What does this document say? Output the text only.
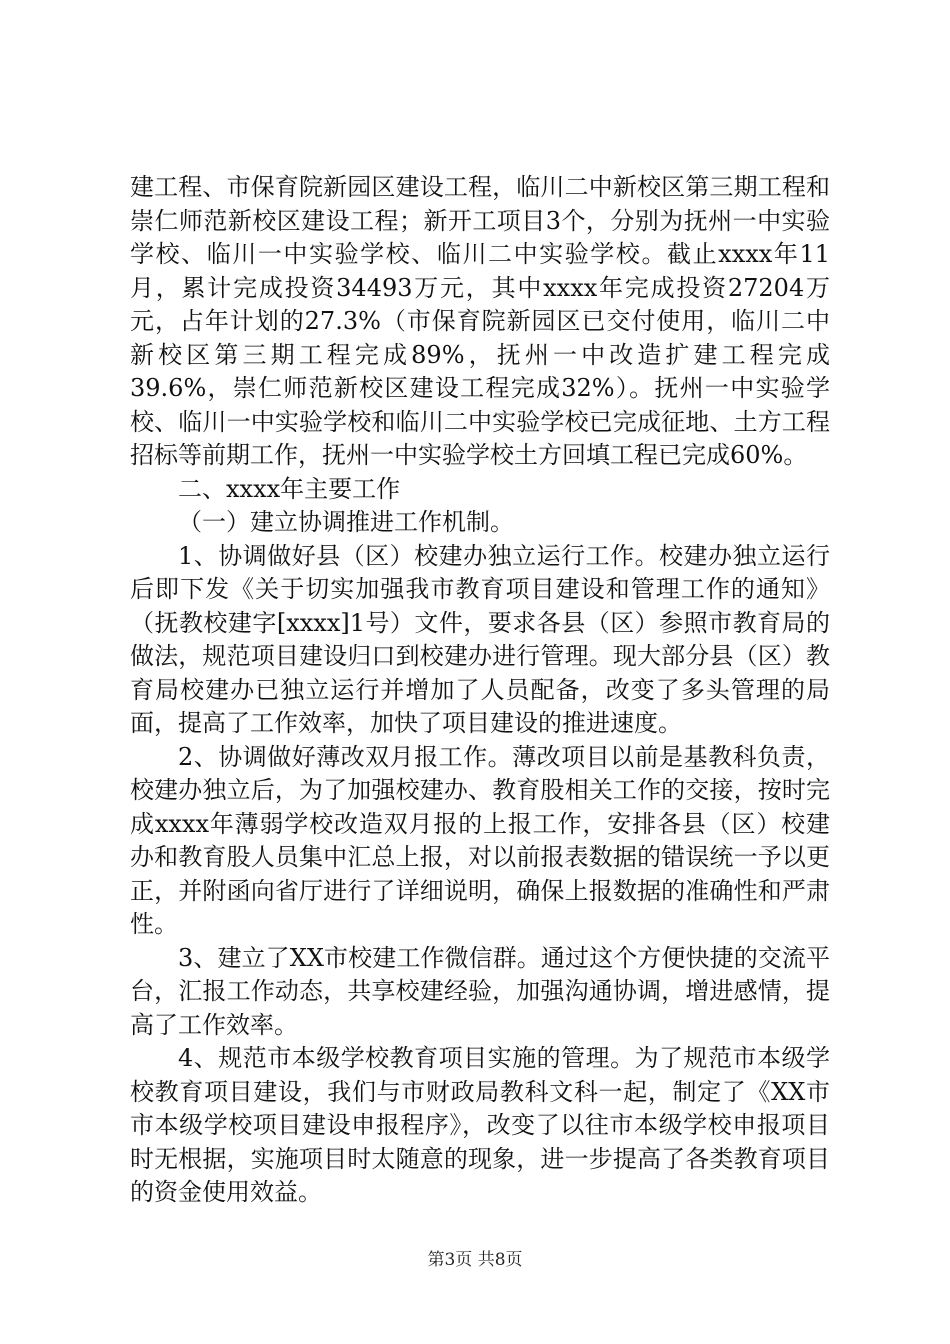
建工程、市保育院新园区建设工程，临川二中新校区第三期工程和崇仁师范新校区建设工程；新开工项目3个，分别为抚州一中实验学校、临川一中实验学校、临川二中实验学校。截止xxxx年11月，累计完成投资34493万元，其中xxxx年完成投资27204万元，占年计划的27.3%（市保育院新园区已交付使用，临川二中新校区第三期工程完成89%，抚州一中改造扩建工程完成39.6%，崇仁师范新校区建设工程完成32%）。抚州一中实验学校、临川一中实验学校和临川二中实验学校已完成征地、土方工程招标等前期工作，抚州一中实验学校土方回填工程已完成60%。

二、xxxx年主要工作

（一）建立协调推进工作机制。

1、协调做好县（区）校建办独立运行工作。校建办独立运行后即下发《关于切实加强我市教育项目建设和管理工作的通知》（抚教校建字[xxxx]1号）文件，要求各县（区）参照市教育局的做法，规范项目建设归口到校建办进行管理。现大部分县（区）教育局校建办已独立运行并增加了人员配备，改变了多头管理的局面，提高了工作效率，加快了项目建设的推进速度。

2、协调做好薄改双月报工作。薄改项目以前是基教科负责，校建办独立后，为了加强校建办、教育股相关工作的交接，按时完成xxxx年薄弱学校改造双月报的上报工作，安排各县（区）校建办和教育股人员集中汇总上报，对以前报表数据的错误统一予以更正，并附函向省厅进行了详细说明，确保上报数据的准确性和严肃性。

3、建立了XX市校建工作微信群。通过这个方便快捷的交流平台，汇报工作动态，共享校建经验，加强沟通协调，增进感情，提高了工作效率。

4、规范市本级学校教育项目实施的管理。为了规范市本级学校教育项目建设，我们与市财政局教科文科一起，制定了《XX市市本级学校项目建设申报程序》，改变了以往市本级学校申报项目时无根据，实施项目时太随意的现象，进一步提高了各类教育项目的资金使用效益。

第3页 共8页
